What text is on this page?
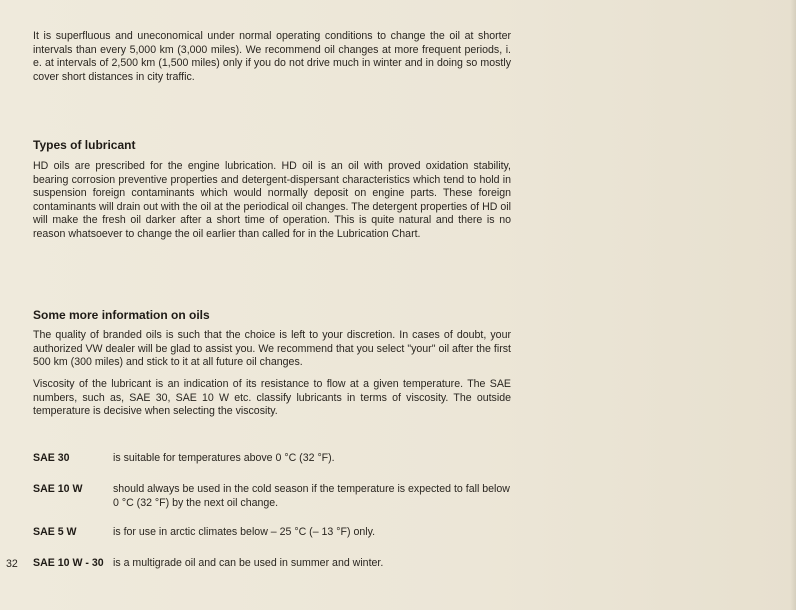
It is superfluous and uneconomical under normal operating conditions to change the oil at shorter intervals than every 5,000 km (3,000 miles). We recommend oil changes at more frequent periods, i. e. at intervals of 2,500 km (1,500 miles) only if you do not drive much in winter and in doing so mostly cover short distances in city traffic.

Types of lubricant

HD oils are prescribed for the engine lubrication. HD oil is an oil with proved oxidation stability, bearing corrosion preventive properties and detergent-dispersant characteristics which tend to hold in suspension foreign contaminants which would normally deposit on engine parts. These foreign contaminants will drain out with the oil at the periodical oil changes. The detergent properties of HD oil will make the fresh oil darker after a short time of operation. This is quite natural and there is no reason whatsoever to change the oil earlier than called for in the Lubrication Chart.

Some more information on oils

The quality of branded oils is such that the choice is left to your discretion. In cases of doubt, your authorized VW dealer will be glad to assist you. We recommend that you select "your" oil after the first 500 km (300 miles) and stick to it at all future oil changes.

Viscosity of the lubricant is an indication of its resistance to flow at a given temperature. The SAE numbers, such as, SAE 30, SAE 10 W etc. classify lubricants in terms of viscosity. The outside temperature is decisive when selecting the viscosity.

SAE 30	is suitable for temperatures above 0 °C (32 °F).
SAE 10 W	should always be used in the cold season if the temperature is expected to fall below 0 °C (32 °F) by the next oil change.
SAE 5 W	is for use in arctic climates below – 25 °C (– 13 °F) only.
SAE 10 W - 30 is a multigrade oil and can be used in summer and winter.
32
